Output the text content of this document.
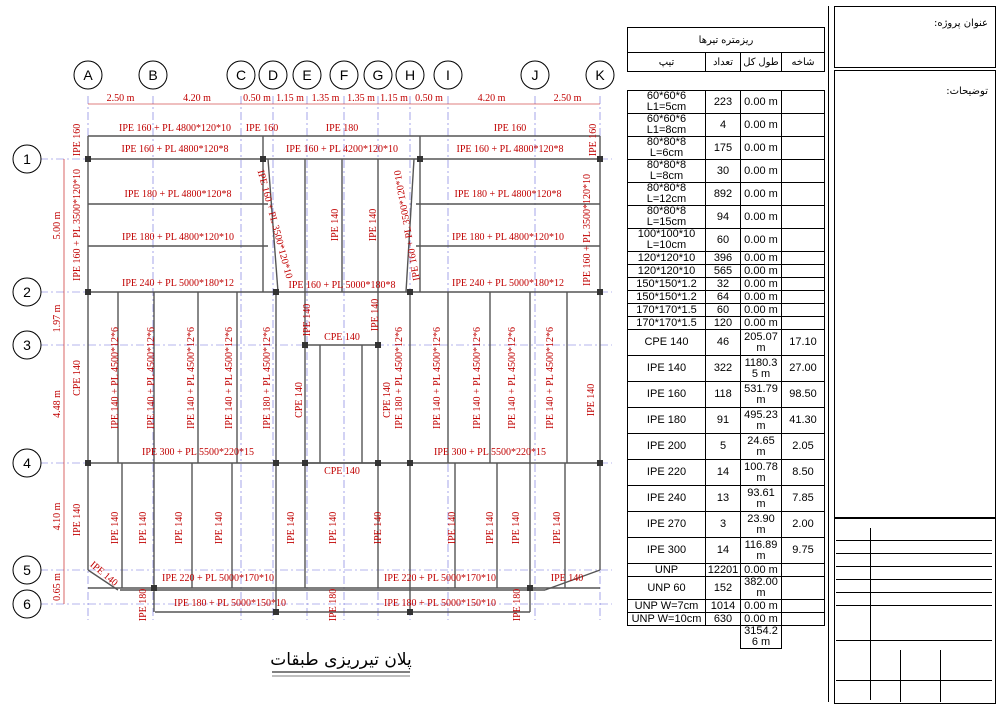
A	B	C D E F G H I	J	K
1
2
3
4
5
6
2.50 m	4.20 m	0.50 m 1.15 m 1.35 m 1.35 m 1.15 m 0.50 m	4.20 m	2.50 m
5.00 m
1.97 m
4.48 m
4.10 m
0.65 m
IPE 180	IPE 160
IPE 160 + PL 4800*120*10
IPE 160 + PL 4800*120*8	IPE 160 + PL 4200*120*10	IPE 160 + PL 4800*120*8
IPE 180 + PL 4800*120*8	IPE 180 + PL 4800*120*8
IPE 180 + PL 4800*120*10	IPE 180 + PL 4800*120*10
IPE 240 + PL 5000*180*12	IPE 160 + PL 5000*180*8	IPE 240 + PL 5000*180*12
CPE 140
IPE 300 + PL 5500*220*15	IPE 300 + PL 5500*220*15
CPE 140
IPE 220 + PL 5000*170*10	IPE 220 + PL 5000*170*10	IPE 140
IPE 180 + PL 5000*150*10	IPE 180 + PL 5000*150*10
IPE 140
IPE 160
IPE 160 + PL 3500*120*10	IPE 160 + PL 3500*120*10	IPE 140	IPE 140 IPE 160 + PL 3500*120*10
IPE 160
IPE 160 + PL 3500*120*10
CPE 140	IPE 140 + PL 4500*12*6	IPE 140 + PL 4500*12*6	IPE 140 + PL 4500*12*6	IPE 140 + PL 4500*12*6	IPE 180 + PL 4500*12*6
IPE 140	IPE 140
CPE 140	CPE 140 IPE 180 + PL 4500*12*6	IPE 140 + PL 4500*12*6	IPE 140 + PL 4500*12*6 IPE 140 + PL 4500*12*6	IPE 140 + PL 4500*12*6	IPE 140
IPE 140	IPE 140
IPE 180
IPE 140	IPE 140	IPE 140	IPE 140	IPE 140	IPE 140	IPE 140	IPE 140 IPE 140	IPE 140
IPE 180	IPE 180
IPE 160
پلان تیرریزی طبقات
ریزمتره تیرها			
تیپ	تعداد	طول کل	شاخه

60*60*6 L1=5cm	223	0.00 m	
60*60*6 L1=8cm	4	0.00 m	
80*80*8 L=6cm	175	0.00 m	
80*80*8 L=8cm	30	0.00 m	
80*80*8 L=12cm	892	0.00 m	
80*80*8 L=15cm	94	0.00 m	
100*100*10 L=10cm	60	0.00 m	
120*120*10	396	0.00 m	
120*120*10	565	0.00 m	
150*150*1.2	32	0.00 m	
150*150*1.2	64	0.00 m	
170*170*1.5	60	0.00 m	
170*170*1.5	120	0.00 m	
CPE 140	46	205.07 m	17.10
IPE 140	322	1180.35 m	27.00
IPE 160	118	531.79 m	98.50
IPE 180	91	495.23 m	41.30
IPE 200	5	24.65 m	2.05
IPE 220	14	100.78 m	8.50
IPE 240	13	93.61 m	7.85
IPE 270	3	23.90 m	2.00
IPE 300	14	116.89 m	9.75
UNP	12201	0.00 m	
UNP 60	152	382.00 m	
UNP W=7cm	1014	0.00 m	
UNP W=10cm	630	0.00 m	
		3154.26 m	
عنوان پروژه:
توضیحات:
